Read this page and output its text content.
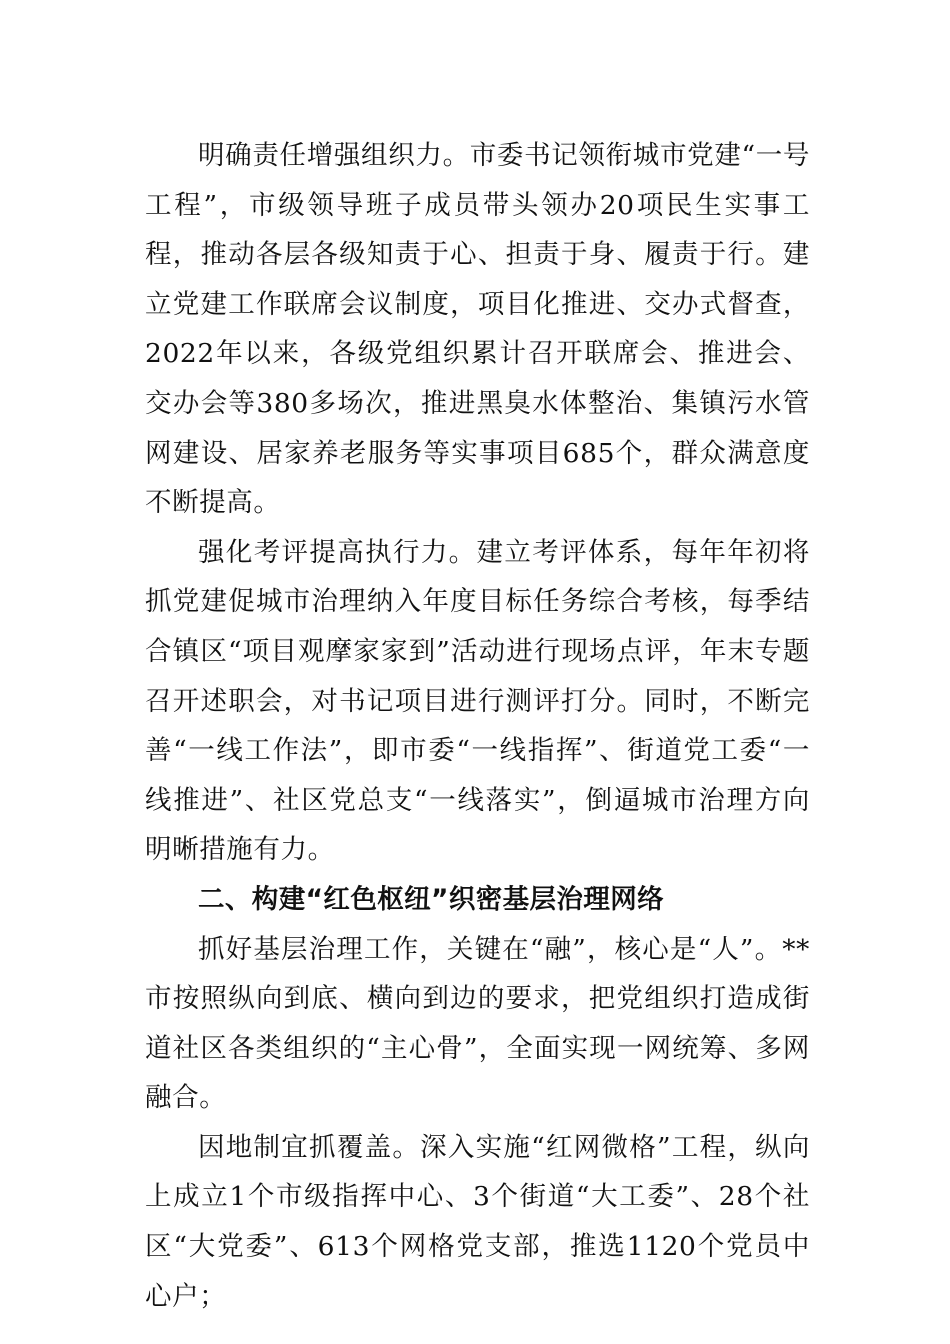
明确责任增强组织力。市委书记领衔城市党建“一号工程”，市级领导班子成员带头领办20项民生实事工程，推动各层各级知责于心、担责于身、履责于行。建立党建工作联席会议制度，项目化推进、交办式督查，2022年以来，各级党组织累计召开联席会、推进会、交办会等380多场次，推进黑臭水体整治、集镇污水管网建设、居家养老服务等实事项目685个，群众满意度不断提高。

强化考评提高执行力。建立考评体系，每年年初将抓党建促城市治理纳入年度目标任务综合考核，每季结合镇区“项目观摩家家到”活动进行现场点评，年末专题召开述职会，对书记项目进行测评打分。同时，不断完善“一线工作法”，即市委“一线指挥”、街道党工委“一线推进”、社区党总支“一线落实”，倒逼城市治理方向明晰措施有力。

二、构建“红色枢纽”织密基层治理网络

抓好基层治理工作，关键在“融”，核心是“人”。**市按照纵向到底、横向到边的要求，把党组织打造成街道社区各类组织的“主心骨”，全面实现一网统筹、多网融合。

因地制宜抓覆盖。深入实施“红网微格”工程，纵向上成立1个市级指挥中心、3个街道“大工委”、28个社区“大党委”、613个网格党支部，推选1120个党员中心户；
